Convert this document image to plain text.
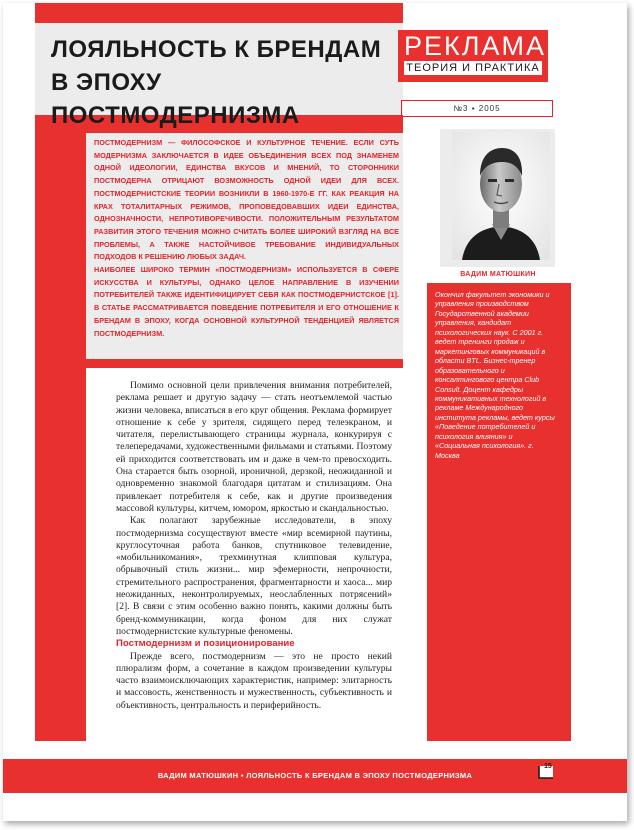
ЛОЯЛЬНОСТЬ К БРЕНДАМ В ЭПОХУ ПОСТМОДЕРНИЗМА

ПОСТМОДЕРНИЗМ — ФИЛОСОФСКОЕ И КУЛЬТУРНОЕ ТЕЧЕНИЕ. ЕСЛИ СУТЬ МОДЕРНИЗМА ЗАКЛЮЧАЕТСЯ В ИДЕЕ ОБЪЕДИНЕНИЯ ВСЕХ ПОД ЗНАМЕНЕМ ОДНОЙ ИДЕОЛОГИИ, ЕДИНСТВА ВКУСОВ И МНЕНИЙ, ТО СТОРОННИКИ ПОСТМОДЕРНА ОТРИЦАЮТ ВОЗМОЖНОСТЬ ОДНОЙ ИДЕИ ДЛЯ ВСЕХ. ПОСТМОДЕРНИСТСКИЕ ТЕОРИИ ВОЗНИКЛИ В 1960-1970-Е ГГ. КАК РЕАКЦИЯ НА КРАХ ТОТАЛИТАРНЫХ РЕЖИМОВ, ПРОПОВЕДОВАВШИХ ИДЕИ ЕДИНСТВА, ОДНОЗНАЧНОСТИ, НЕПРОТИВОРЕЧИВОСТИ. ПОЛОЖИТЕЛЬНЫМ РЕЗУЛЬТАТОМ РАЗВИТИЯ ЭТОГО ТЕЧЕНИЯ МОЖНО СЧИТАТЬ БОЛЕЕ ШИРОКИЙ ВЗГЛЯД НА ВСЕ ПРОБЛЕМЫ, А ТАКЖЕ НАСТОЙЧИВОЕ ТРЕБОВАНИЕ ИНДИВИДУАЛЬНЫХ ПОДХОДОВ К РЕШЕНИЮ ЛЮБЫХ ЗАДАЧ.

НАИБОЛЕЕ ШИРОКО ТЕРМИН «ПОСТМОДЕРНИЗМ» ИСПОЛЬЗУЕТСЯ В СФЕРЕ ИСКУССТВА И КУЛЬТУРЫ, ОДНАКО ЦЕЛОЕ НАПРАВЛЕНИЕ В ИЗУЧЕНИИ ПОТРЕБИТЕЛЕЙ ТАКЖЕ ИДЕНТИФИЦИРУЕТ СЕБЯ КАК ПОСТМОДЕРНИСТСКОЕ [1]. В СТАТЬЕ РАССМАТРИВАЕТСЯ ПОВЕДЕНИЕ ПОТРЕБИТЕЛЯ И ЕГО ОТНОШЕНИЕ К БРЕНДАМ В ЭПОХУ, КОГДА ОСНОВНОЙ КУЛЬТУРНОЙ ТЕНДЕНЦИЕЙ ЯВЛЯЕТСЯ ПОСТМОДЕРНИЗМ.

Помимо основной цели привлечения внимания потребителей, реклама решает и другую задачу — стать неотъемлемой частью жизни человека, вписаться в его круг общения. Реклама формирует отношение к себе у зрителя, сидящего перед телеэкраном, и читателя, перелистывающего страницы журнала, конкурируя с телепередачами, художественными фильмами и статьями. Поэтому ей приходится соответствовать им и даже в чем-то превосходить. Она старается быть озорной, ироничной, дерзкой, неожиданной и одновременно знакомой благодаря цитатам и стилизациям. Она привлекает потребителя к себе, как и другие произведения массовой культуры, китчем, юмором, яркостью и скандальностью.

Как полагают зарубежные исследователи, в эпоху постмодернизма сосуществуют вместе «мир всемирной паутины, круглосуточная работа банков, спутниковое телевидение, «мобильникомания», трехминутная клипповая культура, обрывочный стиль жизни... мир эфемерности, непрочности, стремительного распространения, фрагментарности и хаоса... мир неожиданных, неконтролируемых, неослабленных потрясений» [2]. В связи с этим особенно важно понять, какими должны быть бренд-коммуникации, когда фоном для них служат постмодернистские культурные феномены.

Постмодернизм и позиционирование

Прежде всего, постмодернизм — это не просто некий плюрализм форм, а сочетание в каждом произведении культуры часто взаимоисключающих характеристик, например: элитарность и массовость, женственность и мужественность, субъективность и объективность, центральность и периферийность.

РЕКЛАМА
ТЕОРИЯ И ПРАКТИКА
№3 ▪ 2005
ВАДИМ МАТЮШКИН

Окончил факультет экономики и управления производством Государственной академии управления, кандидат психологических наук. С 2001 г. ведет тренинги продаж и маркетинговых коммуникаций в области BTL. Бизнес-тренер образовательного и консалтингового центра Club Consult. Доцент кафедры коммуникативных технологий в рекламе Международного института рекламы, ведет курсы «Поведение потребителей и психология влияния» и «Социальная психология». г. Москва

ВАДИМ МАТЮШКИН ▪ ЛОЯЛЬНОСТЬ К БРЕНДАМ В ЭПОХУ ПОСТМОДЕРНИЗМА
15
